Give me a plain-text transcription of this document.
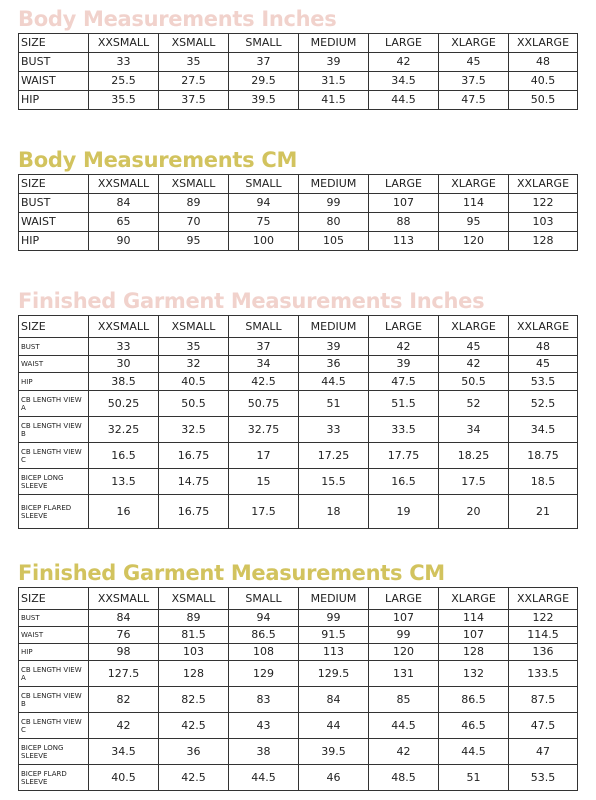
Body Measurements Inches
SIZE	XXSMALL	XSMALL	SMALL	MEDIUM	LARGE	XLARGE	XXLARGE
BUST	33	35	37	39	42	45	48
WAIST	25.5	27.5	29.5	31.5	34.5	37.5	40.5
HIP	35.5	37.5	39.5	41.5	44.5	47.5	50.5
Body Measurements CM
SIZE	XXSMALL	XSMALL	SMALL	MEDIUM	LARGE	XLARGE	XXLARGE
BUST	84	89	94	99	107	114	122
WAIST	65	70	75	80	88	95	103
HIP	90	95	100	105	113	120	128
Finished Garment Measurements Inches
SIZE	XXSMALL	XSMALL	SMALL	MEDIUM	LARGE	XLARGE	XXLARGE
BUST	33	35	37	39	42	45	48
WAIST	30	32	34	36	39	42	45
HIP	38.5	40.5	42.5	44.5	47.5	50.5	53.5
CB LENGTH VIEW A	50.25	50.5	50.75	51	51.5	52	52.5
CB LENGTH VIEW B	32.25	32.5	32.75	33	33.5	34	34.5
CB LENGTH VIEW C	16.5	16.75	17	17.25	17.75	18.25	18.75
BICEP LONG SLEEVE	13.5	14.75	15	15.5	16.5	17.5	18.5
BICEP FLARED SLEEVE	16	16.75	17.5	18	19	20	21
Finished Garment Measurements CM
SIZE	XXSMALL	XSMALL	SMALL	MEDIUM	LARGE	XLARGE	XXLARGE
BUST	84	89	94	99	107	114	122
WAIST	76	81.5	86.5	91.5	99	107	114.5
HIP	98	103	108	113	120	128	136
CB LENGTH VIEW A	127.5	128	129	129.5	131	132	133.5
CB LENGTH VIEW B	82	82.5	83	84	85	86.5	87.5
CB LENGTH VIEW C	42	42.5	43	44	44.5	46.5	47.5
BICEP LONG SLEEVE	34.5	36	38	39.5	42	44.5	47
BICEP FLARD SLEEVE	40.5	42.5	44.5	46	48.5	51	53.5
